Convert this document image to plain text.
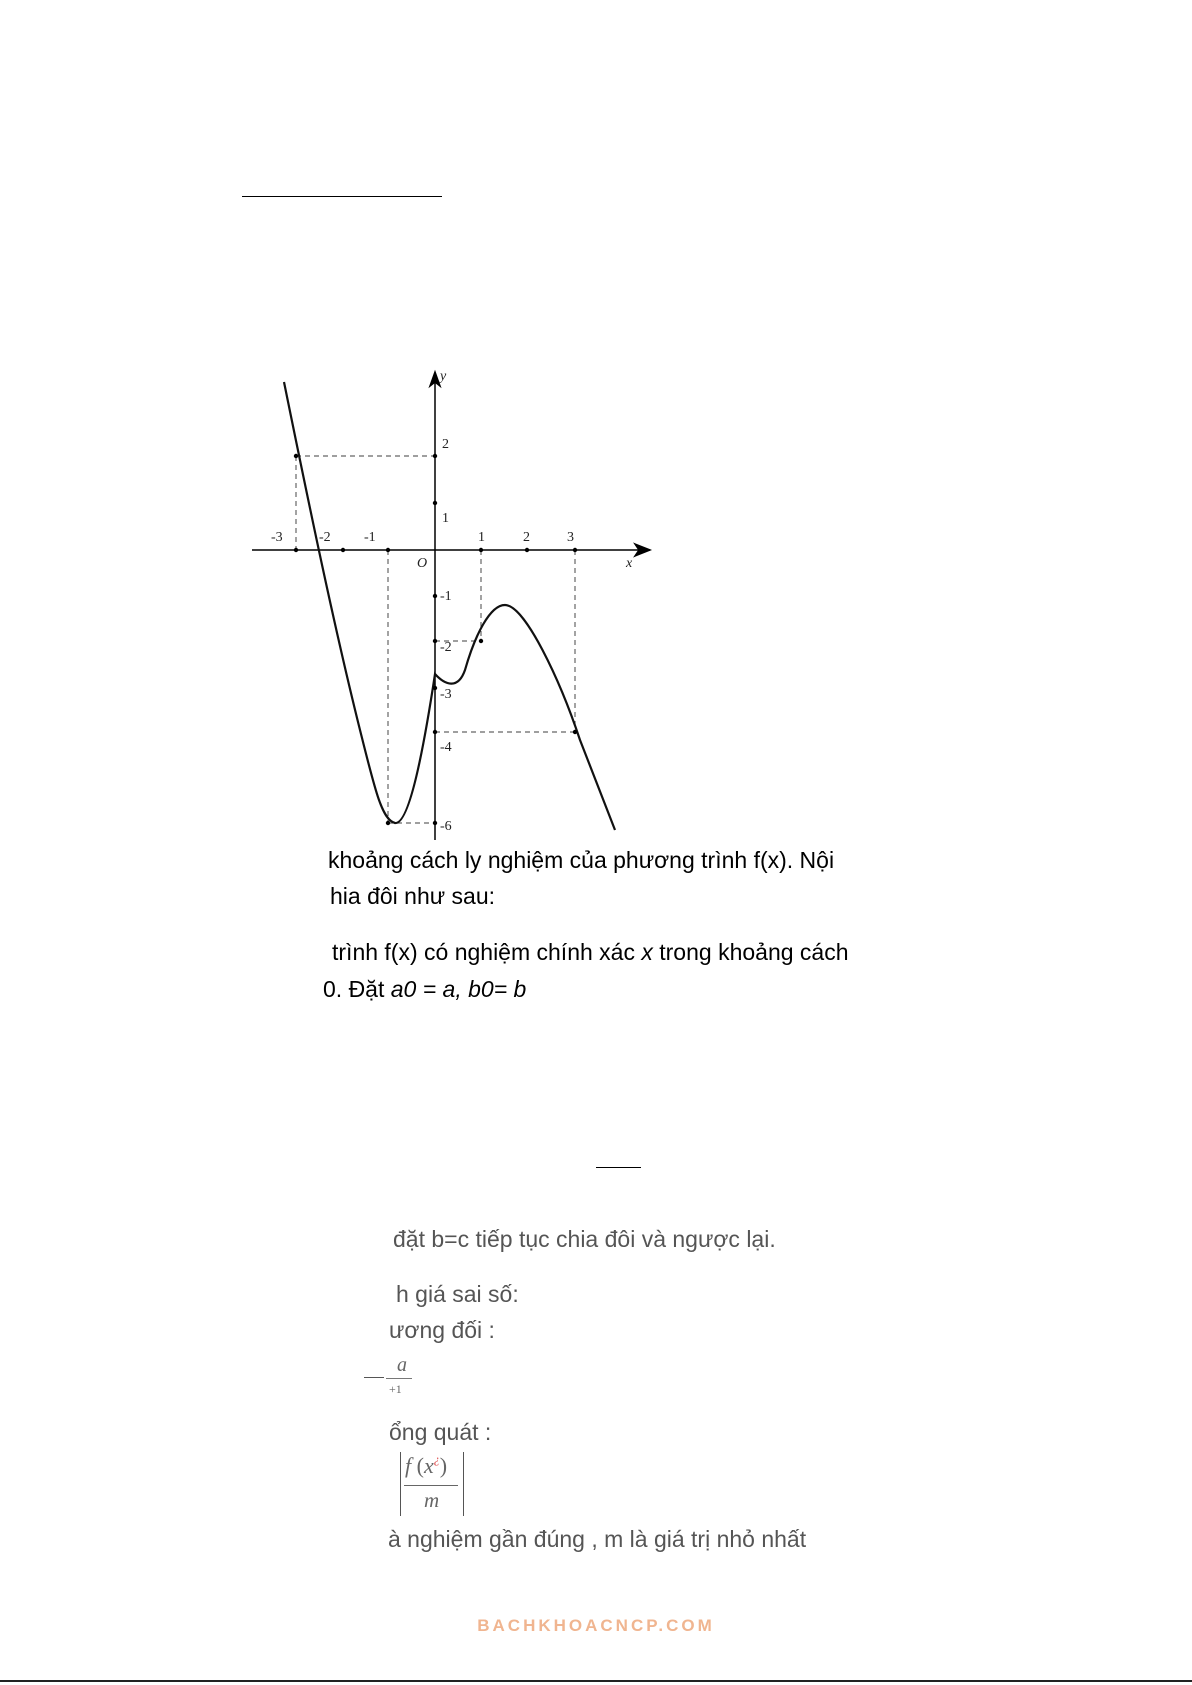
-3	-2 -1	1	2	3
O	x
y
2
1
-1
-2
-3
-4
-6
khoảng cách ly nghiệm của phương trình f(x). Nội
hia đôi như sau:
trình f(x) có nghiệm chính xác x trong khoảng cách
0. Đặt a0 = a, b0= b
đặt b=c tiếp tục chia đôi và ngược lại.
h giá sai số:
ương đối :
a
+1
ổng quát :
f (x¿)
m
à nghiệm gần đúng , m là giá trị nhỏ nhất
BACHKHOACNCP.COM
